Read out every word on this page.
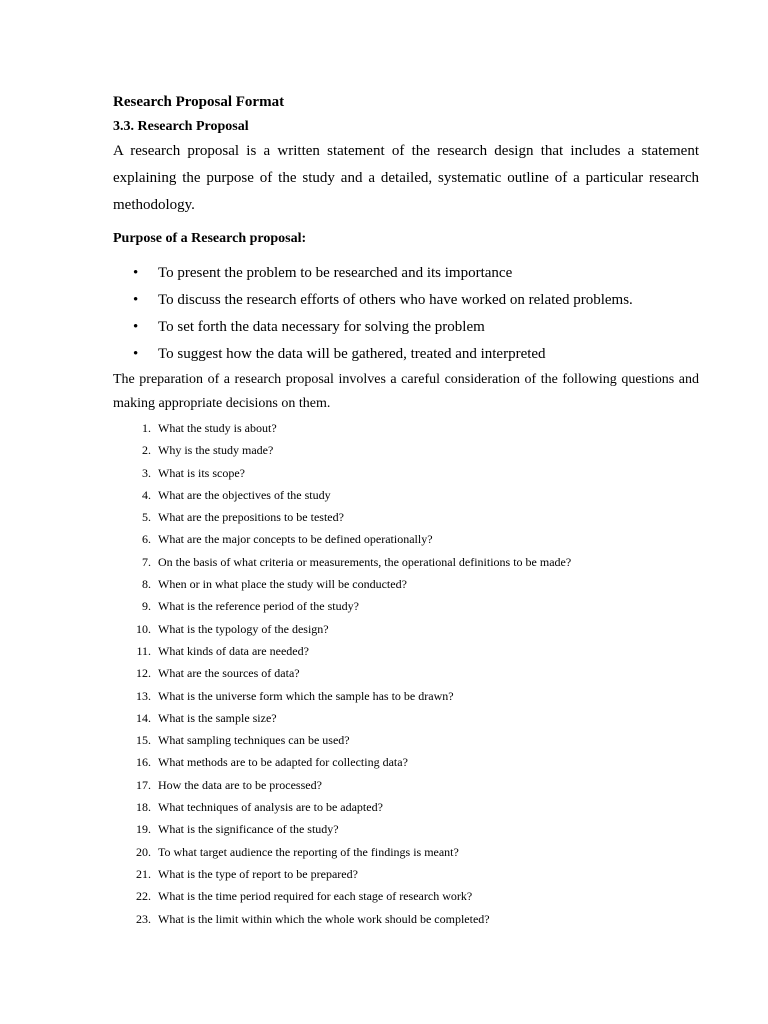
Research Proposal Format
3.3. Research Proposal

A research proposal is a written statement of the research design that includes a statement explaining the purpose of the study and a detailed, systematic outline of a particular research methodology.

Purpose of a Research proposal:
• To present the problem to be researched and its importance
• To discuss the research efforts of others who have worked on related problems.
• To set forth the data necessary for solving the problem
• To suggest how the data will be gathered, treated and interpreted

The preparation of a research proposal involves a careful consideration of the following questions and making appropriate decisions on them.

1. What the study is about?
2. Why is the study made?
3. What is its scope?
4. What are the objectives of the study
5. What are the prepositions to be tested?
6. What are the major concepts to be defined operationally?
7. On the basis of what criteria or measurements, the operational definitions to be made?
8. When or in what place the study will be conducted?
9. What is the reference period of the study?
10. What is the typology of the design?
11. What kinds of data are needed?
12. What are the sources of data?
13. What is the universe form which the sample has to be drawn?
14. What is the sample size?
15. What sampling techniques can be used?
16. What methods are to be adapted for collecting data?
17. How the data are to be processed?
18. What techniques of analysis are to be adapted?
19. What is the significance of the study?
20. To what target audience the reporting of the findings is meant?
21. What is the type of report to be prepared?
22. What is the time period required for each stage of research work?
23. What is the limit within which the whole work should be completed?
